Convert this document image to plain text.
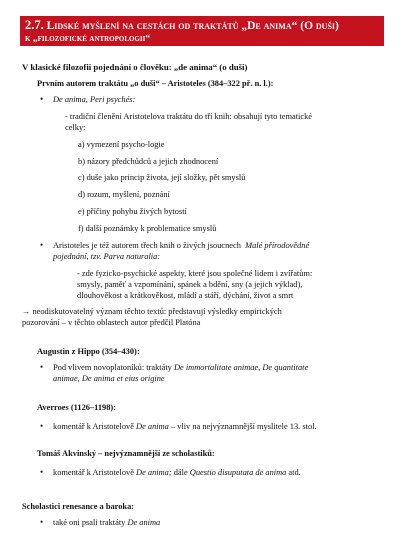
2.7. Lidské myšlení na cestách od traktátů „De anima“ (O duši)
k „filozofické antropologii“
V klasické filozofii pojednání o člověku: „de anima“ (o duši)
Prvním autorem traktátu „o duši“ – Aristoteles (384–322 př. n. l.):
• De anima, Peri psychés:
- tradiční členění Aristotelova traktátu do tří knih: obsahují tyto tematické
celky:
a) vymezení psycho-logie
b) názory předchůdců a jejich zhodnocení
c) duše jako princip života, její složky, pět smyslů
d) rozum, myšlení, poznání
e) příčiny pohybu živých bytostí
f) další poznámky k problematice smyslů
• Aristoteles je též autorem třech knih o živých jsoucnech Malé přírodovědné
pojednání, tzv. Parva naturalia:
- zde fyzicko-psychické aspekty, které jsou společné lidem i zvířatům:
smysly, paměť a vzpomínání, spánek a bdění, sny (a jejich výklad),
dlouhověkost a krátkověkost, mládí a stáří, dýchání, život a smrt
→ neodiskutovatelný význam těchto textů: představují výsledky empirických
pozorování – v těchto oblastech autor předčil Platóna
Augustin z Hippo (354–430):
• Pod vlivem novoplatoníků: traktáty De immortalitate animae, De quantitate
animae, De anima et eius origine
Averroes (1126–1198):
• komentář k Aristotelově De anima – vliv na nejvýznamnější myslitele 13. stol.
Tomáš Akvinský – nejvýznamnější ze scholastiků:
• komentář k Aristotelově De anima; dále Questio disuputata de anima atd.
Scholastici renesance a baroka:
• také oni psali traktáty De anima
